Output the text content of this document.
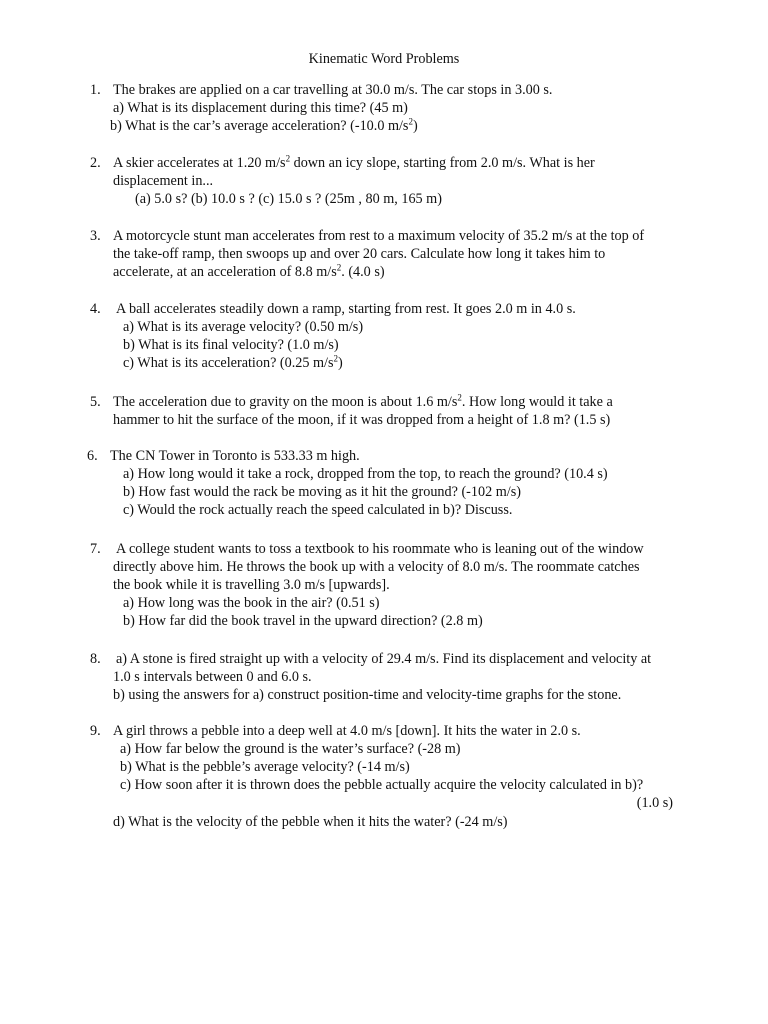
Kinematic Word Problems
1. The brakes are applied on a car travelling at 30.0 m/s. The car stops in 3.00 s.
a) What is its displacement during this time? (45 m)
b) What is the car’s average acceleration? (-10.0 $m/s^2$)
2. A skier accelerates at 1.20 $m/s^2$ down an icy slope, starting from 2.0 m/s. What is her
displacement in...
(a) 5.0 s? (b) 10.0 s ? (c) 15.0 s ? (25m , 80 m, 165 m)
3. A motorcycle stunt man accelerates from rest to a maximum velocity of 35.2 m/s at the top of
the take-off ramp, then swoops up and over 20 cars. Calculate how long it takes him to
accelerate, at an acceleration of 8.8 $m/s^2$. (4.0 s)
4. A ball accelerates steadily down a ramp, starting from rest. It goes 2.0 m in 4.0 s.
a) What is its average velocity? (0.50 m/s)
b) What is its final velocity? (1.0 m/s)
c) What is its acceleration? (0.25 $m/s^2$)
5. The acceleration due to gravity on the moon is about 1.6 $m/s^2$. How long would it take a
hammer to hit the surface of the moon, if it was dropped from a height of 1.8 m? (1.5 s)
6. The CN Tower in Toronto is 533.33 m high.
a) How long would it take a rock, dropped from the top, to reach the ground? (10.4 s)
b) How fast would the rack be moving as it hit the ground? (-102 m/s)
c) Would the rock actually reach the speed calculated in b)? Discuss.
7. A college student wants to toss a textbook to his roommate who is leaning out of the window
directly above him. He throws the book up with a velocity of 8.0 m/s. The roommate catches
the book while it is travelling 3.0 m/s [upwards].
a) How long was the book in the air? (0.51 s)
b) How far did the book travel in the upward direction? (2.8 m)
8. a) A stone is fired straight up with a velocity of 29.4 m/s. Find its displacement and velocity at
1.0 s intervals between 0 and 6.0 s.
b) using the answers for a) construct position-time and velocity-time graphs for the stone.
9. A girl throws a pebble into a deep well at 4.0 m/s [down]. It hits the water in 2.0 s.
a) How far below the ground is the water’s surface? (-28 m)
b) What is the pebble’s average velocity? (-14 m/s)
c) How soon after it is thrown does the pebble actually acquire the velocity calculated in b)?
(1.0 s)
d) What is the velocity of the pebble when it hits the water? (-24 m/s)
